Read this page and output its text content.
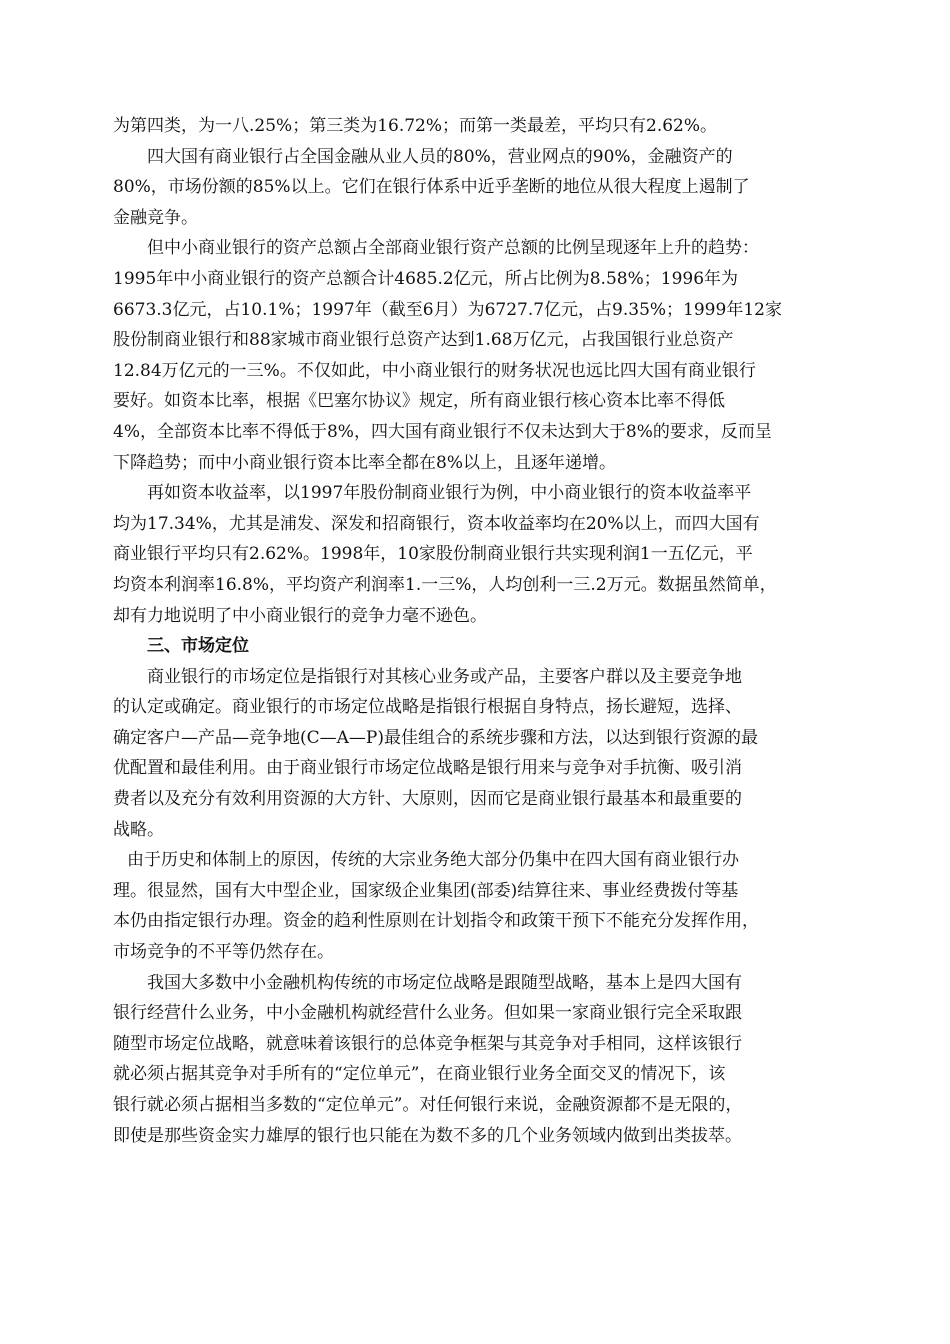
为第四类，为一八.25%；第三类为16.72%；而第一类最差，平均只有2.62%。

四大国有商业银行占全国金融从业人员的80%，营业网点的90%，金融资产的

80%，市场份额的85%以上。它们在银行体系中近乎垄断的地位从很大程度上遏制了

金融竞争。

但中小商业银行的资产总额占全部商业银行资产总额的比例呈现逐年上升的趋势：

1995年中小商业银行的资产总额合计4685.2亿元，所占比例为8.58%；1996年为

6673.3亿元，占10.1%；1997年（截至6月）为6727.7亿元，占9.35%；1999年12家

股份制商业银行和88家城市商业银行总资产达到1.68万亿元，占我国银行业总资产

12.84万亿元的一三%。不仅如此，中小商业银行的财务状况也远比四大国有商业银行

要好。如资本比率，根据《巴塞尔协议》规定，所有商业银行核心资本比率不得低

4%，全部资本比率不得低于8%，四大国有商业银行不仅未达到大于8%的要求，反而呈

下降趋势；而中小商业银行资本比率全都在8%以上，且逐年递增。

再如资本收益率，以1997年股份制商业银行为例，中小商业银行的资本收益率平

均为17.34%，尤其是浦发、深发和招商银行，资本收益率均在20%以上，而四大国有

商业银行平均只有2.62%。1998年，10家股份制商业银行共实现利润1一五亿元，平

均资本利润率16.8%，平均资产利润率1.一三%，人均创利一三.2万元。数据虽然简单，

却有力地说明了中小商业银行的竞争力毫不逊色。

三、市场定位

商业银行的市场定位是指银行对其核心业务或产品，主要客户群以及主要竞争地

的认定或确定。商业银行的市场定位战略是指银行根据自身特点，扬长避短，选择、

确定客户—产品—竞争地(C—A—P)最佳组合的系统步骤和方法，以达到银行资源的最

优配置和最佳利用。由于商业银行市场定位战略是银行用来与竞争对手抗衡、吸引消

费者以及充分有效利用资源的大方针、大原则，因而它是商业银行最基本和最重要的

战略。

由于历史和体制上的原因，传统的大宗业务绝大部分仍集中在四大国有商业银行办

理。很显然，国有大中型企业，国家级企业集团(部委)结算往来、事业经费拨付等基

本仍由指定银行办理。资金的趋利性原则在计划指令和政策干预下不能充分发挥作用，

市场竞争的不平等仍然存在。

我国大多数中小金融机构传统的市场定位战略是跟随型战略，基本上是四大国有

银行经营什么业务，中小金融机构就经营什么业务。但如果一家商业银行完全采取跟

随型市场定位战略，就意味着该银行的总体竞争框架与其竞争对手相同，这样该银行

就必须占据其竞争对手所有的“定位单元”，在商业银行业务全面交叉的情况下，该

银行就必须占据相当多数的“定位单元”。对任何银行来说，金融资源都不是无限的，

即使是那些资金实力雄厚的银行也只能在为数不多的几个业务领域内做到出类拔萃。
